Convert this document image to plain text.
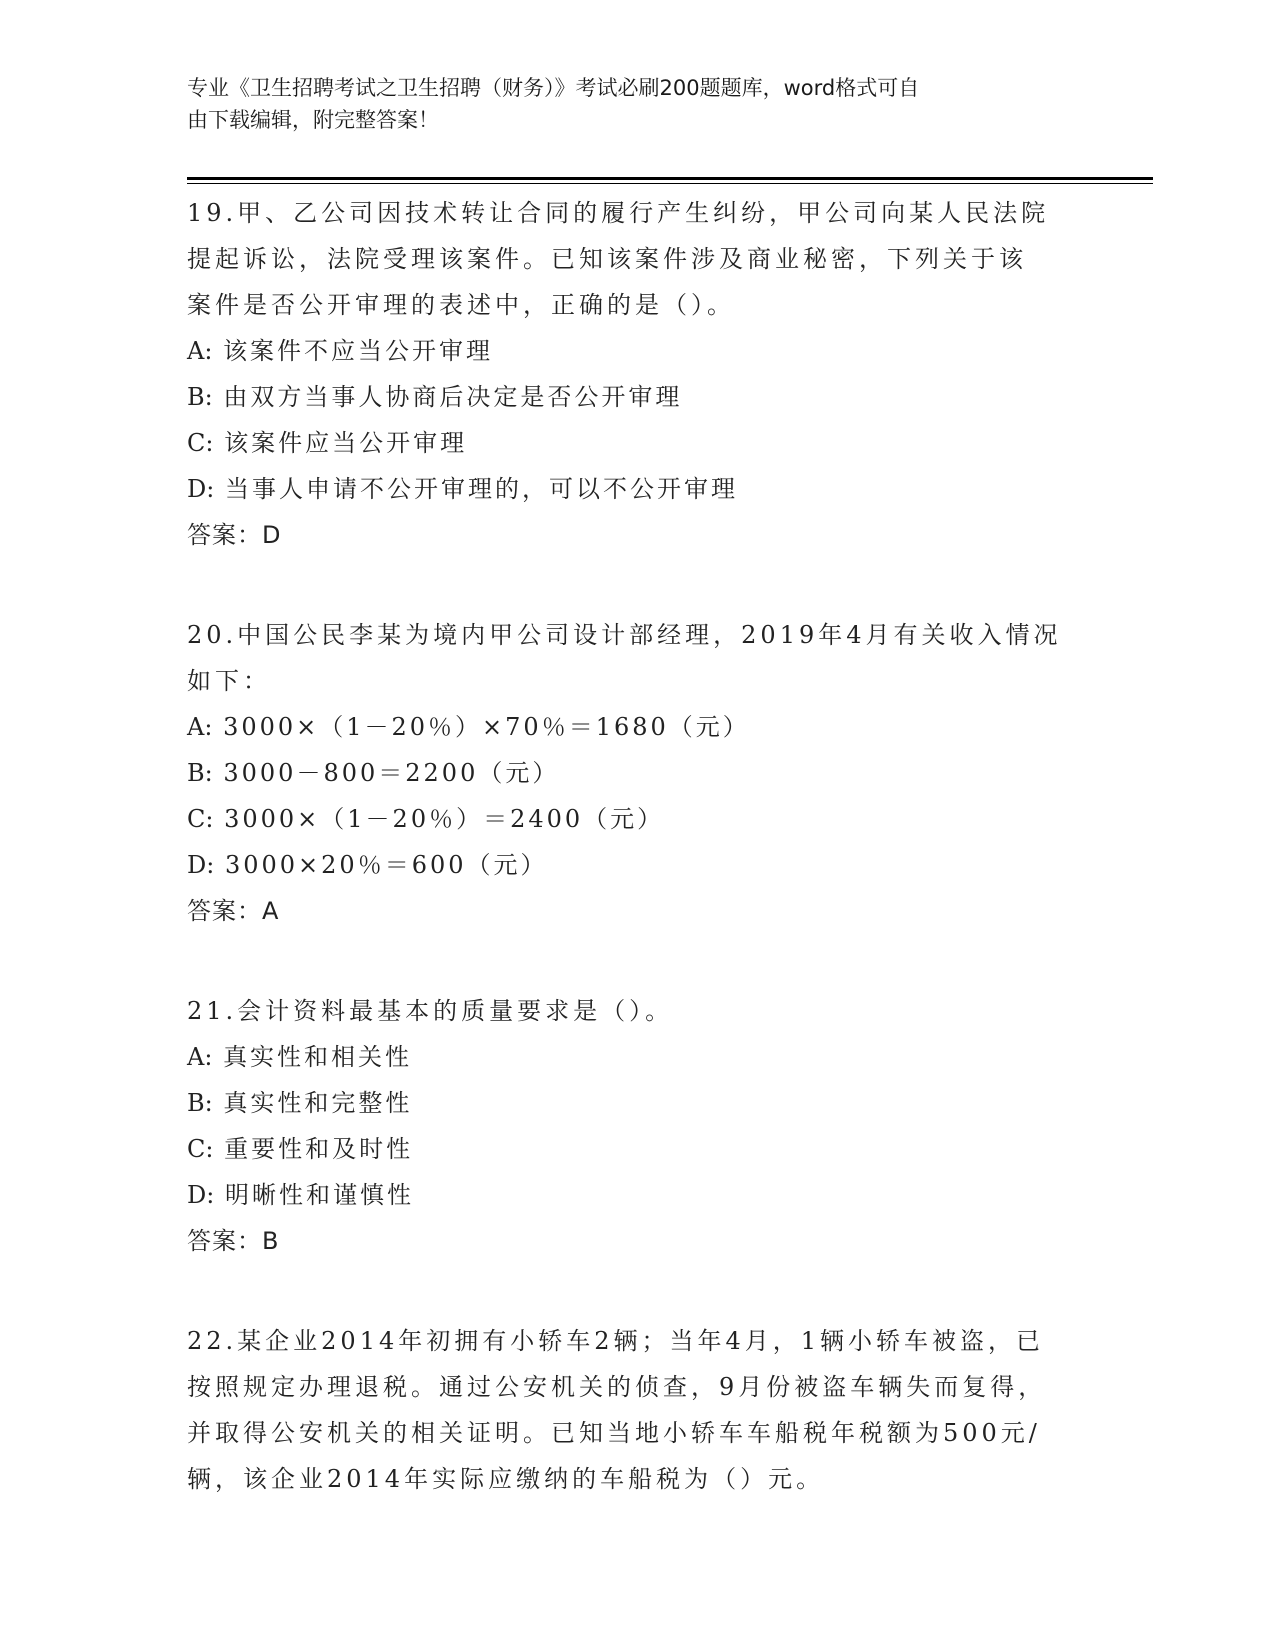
专业《卫生招聘考试之卫生招聘（财务）》考试必刷200题题库，word格式可自
由下载编辑，附完整答案！
19.甲、乙公司因技术转让合同的履行产生纠纷，甲公司向某人民法院
提起诉讼，法院受理该案件。已知该案件涉及商业秘密，下列关于该
案件是否公开审理的表述中，正确的是（）。
A: 该案件不应当公开审理
B: 由双方当事人协商后决定是否公开审理
C: 该案件应当公开审理
D: 当事人申请不公开审理的，可以不公开审理
答案：D
20.中国公民李某为境内甲公司设计部经理，2019年4月有关收入情况
如下：
A: 3000×（1－20％）×70％＝1680（元）
B: 3000－800＝2200（元）
C: 3000×（1－20％）＝2400（元）
D: 3000×20％＝600（元）
答案：A
21.会计资料最基本的质量要求是（）。
A: 真实性和相关性
B: 真实性和完整性
C: 重要性和及时性
D: 明晰性和谨慎性
答案：B
22.某企业2014年初拥有小轿车2辆；当年4月，1辆小轿车被盗，已
按照规定办理退税。通过公安机关的侦查，9月份被盗车辆失而复得，
并取得公安机关的相关证明。已知当地小轿车车船税年税额为500元/
辆，该企业2014年实际应缴纳的车船税为（）元。
